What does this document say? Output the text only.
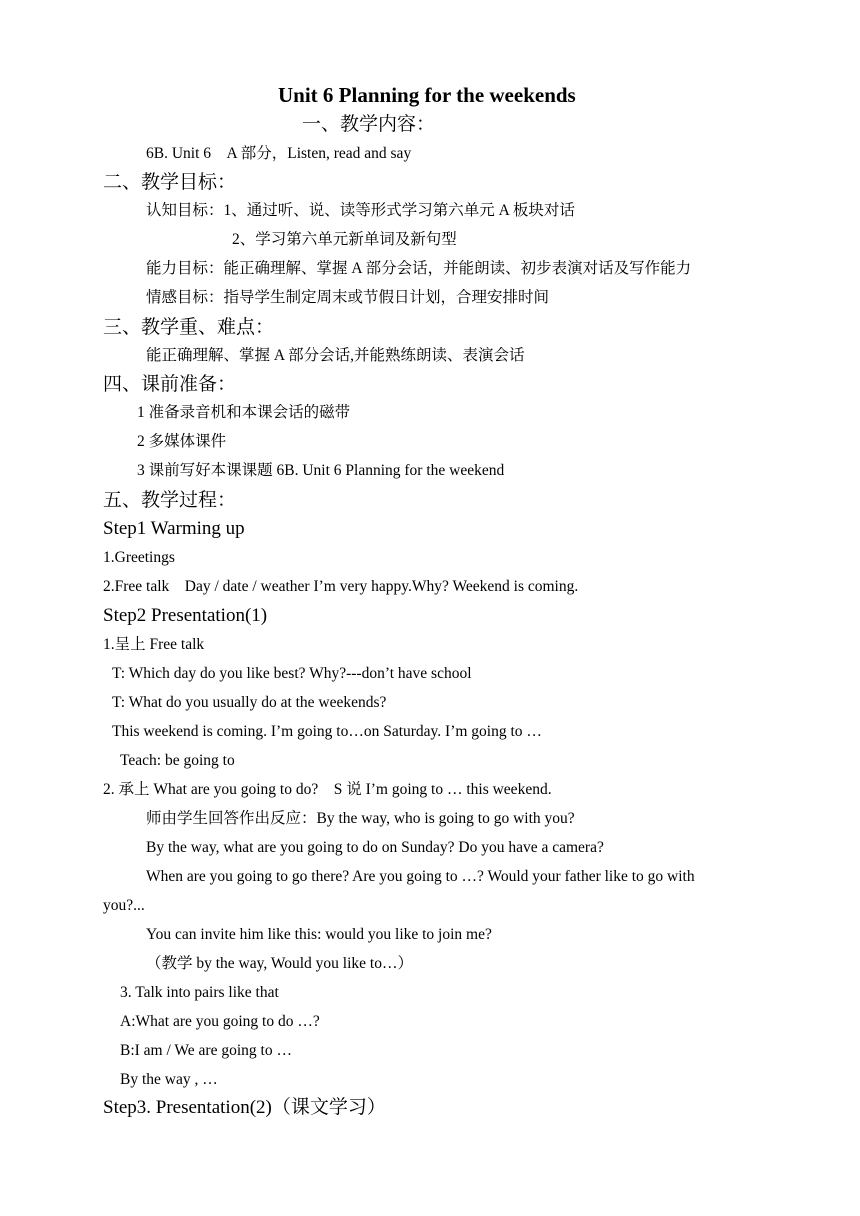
Unit 6 Planning for the weekends
一、教学内容：
6B. Unit 6　A 部分，Listen, read and say
二、教学目标：
认知目标：1、通过听、说、读等形式学习第六单元 A 板块对话
2、学习第六单元新单词及新句型
能力目标：能正确理解、掌握 A 部分会话，并能朗读、初步表演对话及写作能力
情感目标：指导学生制定周末或节假日计划，合理安排时间
三、教学重、难点：
能正确理解、掌握 A 部分会话,并能熟练朗读、表演会话
四、课前准备：
1 准备录音机和本课会话的磁带
2 多媒体课件
3 课前写好本课课题 6B. Unit 6 Planning for the weekend
五、教学过程：
Step1 Warming up
1.Greetings
2.Free talk　Day / date / weather I’m very happy.Why? Weekend is coming.
Step2 Presentation(1)
1.呈上 Free talk
T: Which day do you like best? Why?---don’t have school
T: What do you usually do at the weekends?
This weekend is coming. I’m going to…on Saturday. I’m going to …
Teach: be going to
2. 承上 What are you going to do?　S 说 I’m going to … this weekend.
师由学生回答作出反应：By the way, who is going to go with you?
By the way, what are you going to do on Sunday? Do you have a camera?
When are you going to go there? Are you going to …? Would your father like to go with
you?...
You can invite him like this: would you like to join me?
（教学 by the way, Would you like to…）
3. Talk into pairs like that
A:What are you going to do …?
B:I am / We are going to …
By the way , …
Step3. Presentation(2)（课文学习）
